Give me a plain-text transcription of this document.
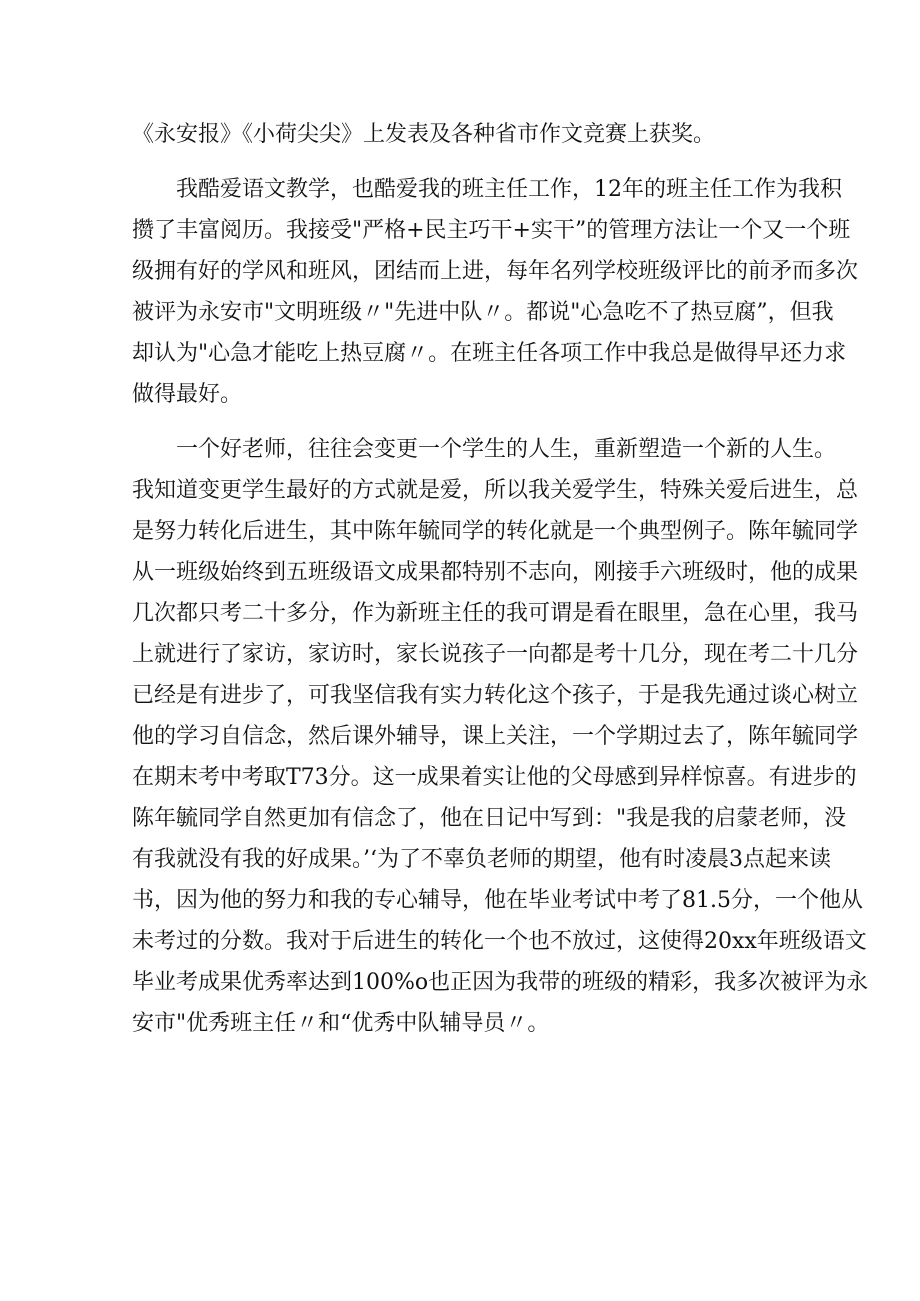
《永安报》《小荷尖尖》上发表及各种省市作文竞赛上获奖。
我酷爱语文教学，也酷爱我的班主任工作，12年的班主任工作为我积
攒了丰富阅历。我接受"严格+民主巧干+实干”的管理方法让一个又一个班
级拥有好的学风和班风，团结而上进，每年名列学校班级评比的前矛而多次
被评为永安市"文明班级〃"先进中队〃。都说"心急吃不了热豆腐”，但我
却认为"心急才能吃上热豆腐〃。在班主任各项工作中我总是做得早还力求
做得最好。
一个好老师，往往会变更一个学生的人生，重新塑造一个新的人生。
我知道变更学生最好的方式就是爱，所以我关爱学生，特殊关爱后进生，总
是努力转化后进生，其中陈年毓同学的转化就是一个典型例子。陈年毓同学
从一班级始终到五班级语文成果都特别不志向，刚接手六班级时，他的成果
几次都只考二十多分，作为新班主任的我可谓是看在眼里，急在心里，我马
上就进行了家访，家访时，家长说孩子一向都是考十几分，现在考二十几分
已经是有进步了，可我坚信我有实力转化这个孩子，于是我先通过谈心树立
他的学习自信念，然后课外辅导，课上关注，一个学期过去了，陈年毓同学
在期末考中考取T73分。这一成果着实让他的父母感到异样惊喜。有进步的
陈年毓同学自然更加有信念了，他在日记中写到："我是我的启蒙老师，没
有我就没有我的好成果。’‘为了不辜负老师的期望，他有时凌晨3点起来读
书，因为他的努力和我的专心辅导，他在毕业考试中考了81.5分，一个他从
未考过的分数。我对于后进生的转化一个也不放过，这使得20xx年班级语文
毕业考成果优秀率达到100%o也正因为我带的班级的精彩，我多次被评为永
安市"优秀班主任〃和“优秀中队辅导员〃。
